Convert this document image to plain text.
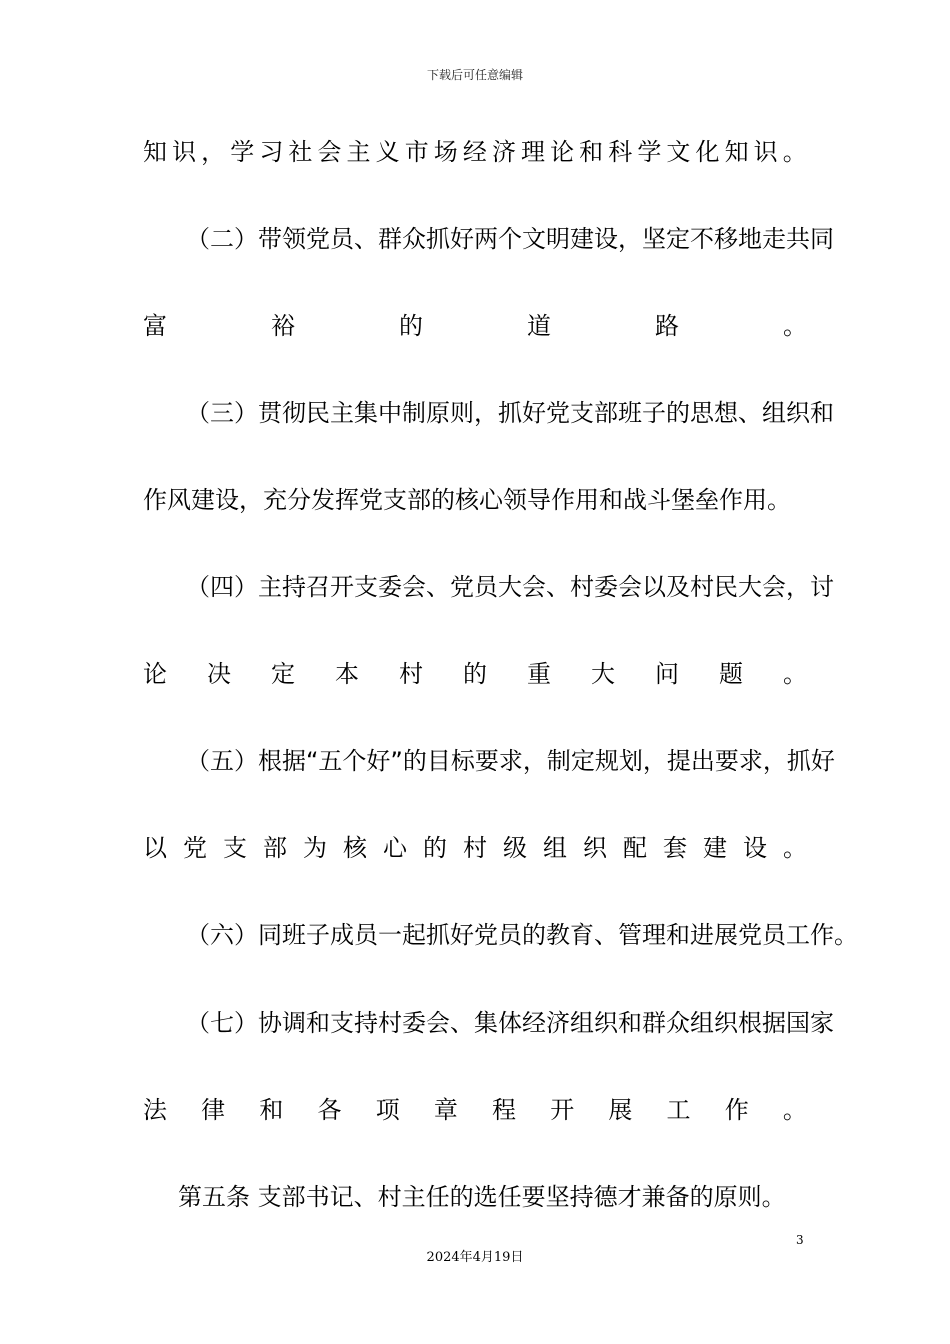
下载后可任意编辑
知 识 ， 学 习 社 会 主 义 市 场 经 济 理 论 和 科 学 文 化 知 识 。
（二）带领党员、群众抓好两个文明建设，坚定不移地走共同
富	裕	的	道	路	。
（三）贯彻民主集中制原则，抓好党支部班子的思想、组织和
作风建设，充分发挥党支部的核心领导作用和战斗堡垒作用。
（四）主持召开支委会、党员大会、村委会以及村民大会，讨
论 决 定 本 村 的 重 大 问 题 。
（五）根据“五个好”的目标要求，制定规划，提出要求，抓好
以 党 支 部 为 核 心 的 村 级 组 织 配 套 建 设 。
（六）同班子成员一起抓好党员的教育、管理和进展党员工作。
（七）协调和支持村委会、集体经济组织和群众组织根据国家
法 律 和 各 项 章 程 开 展 工 作 。
第五条 支部书记、村主任的选任要坚持德才兼备的原则。
3
2024年4月19日
